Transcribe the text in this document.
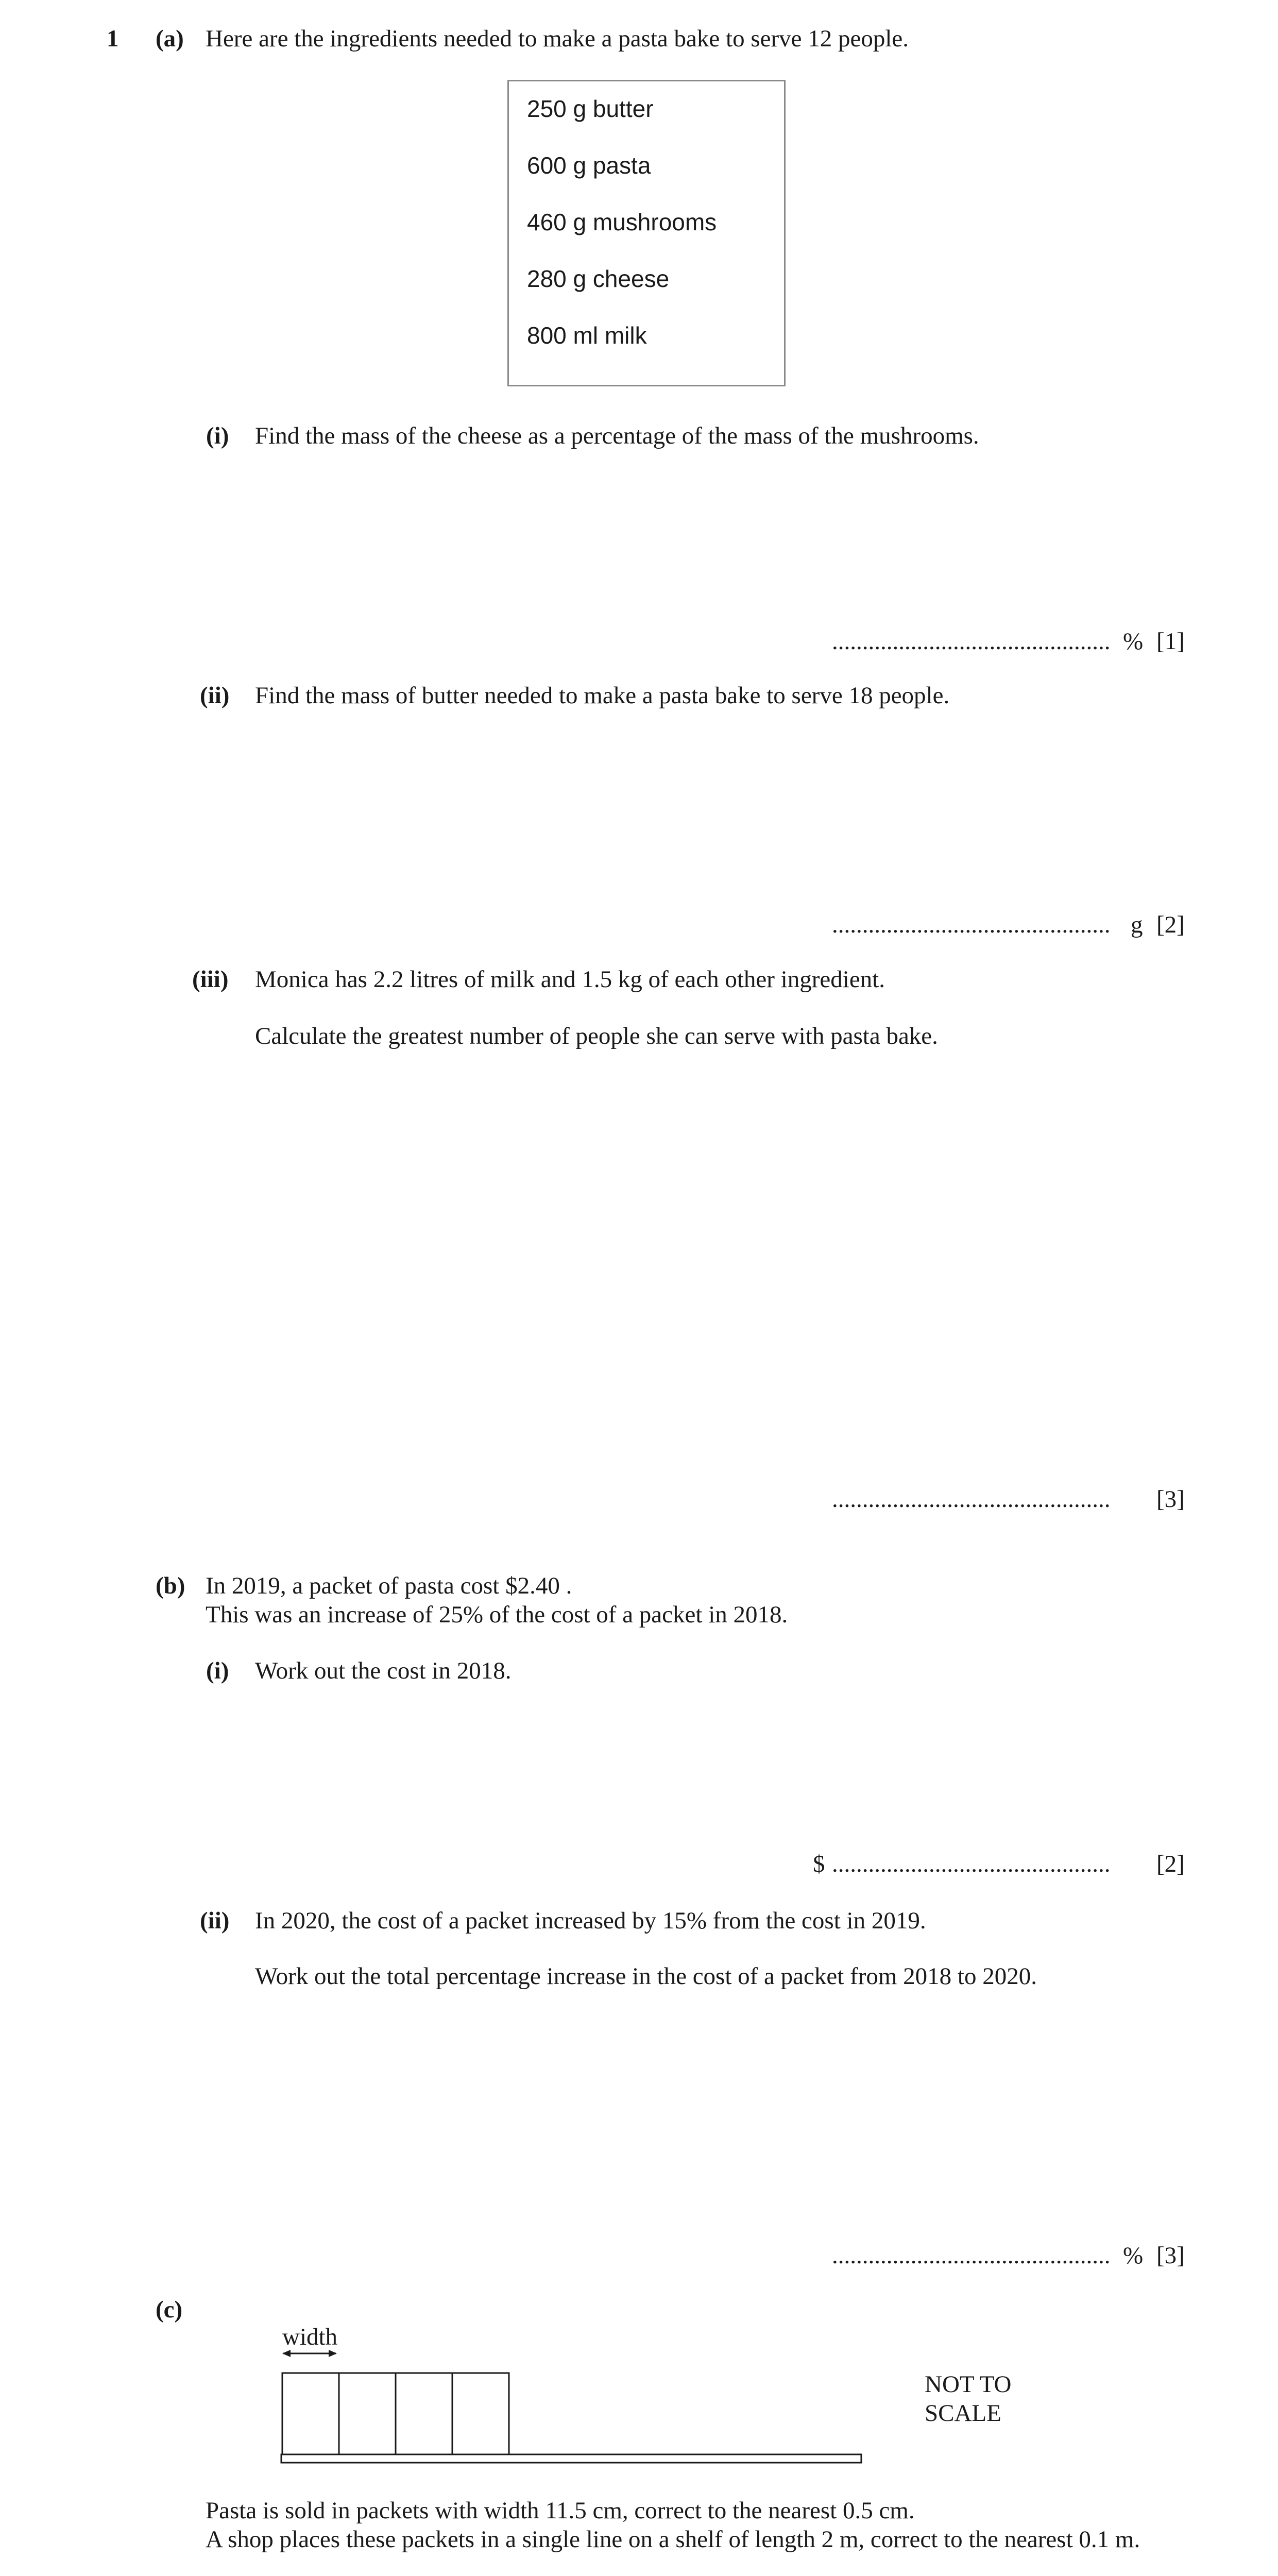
1 (a) Here are the ingredients needed to make a pasta bake to serve 12 people.
250 g butter
600 g pasta
460 g mushrooms
280 g cheese
800 ml milk
(i) Find the mass of the cheese as a percentage of the mass of the mushrooms.
.............................................. % [1]
(ii) Find the mass of butter needed to make a pasta bake to serve 18 people.
.............................................. g [2]
(iii) Monica has 2.2 litres of milk and 1.5 kg of each other ingredient.
Calculate the greatest number of people she can serve with pasta bake.
.............................................. [3]
(b) In 2019, a packet of pasta cost $2.40 .
This was an increase of 25% of the cost of a packet in 2018.
(i) Work out the cost in 2018.
$ .............................................. [2]
(ii) In 2020, the cost of a packet increased by 15% from the cost in 2019.
Work out the total percentage increase in the cost of a packet from 2018 to 2020.
.............................................. % [3]
(c)
width
NOT TO
SCALE
Pasta is sold in packets with width 11.5 cm, correct to the nearest 0.5 cm.
A shop places these packets in a single line on a shelf of length 2 m, correct to the nearest 0.1 m.
